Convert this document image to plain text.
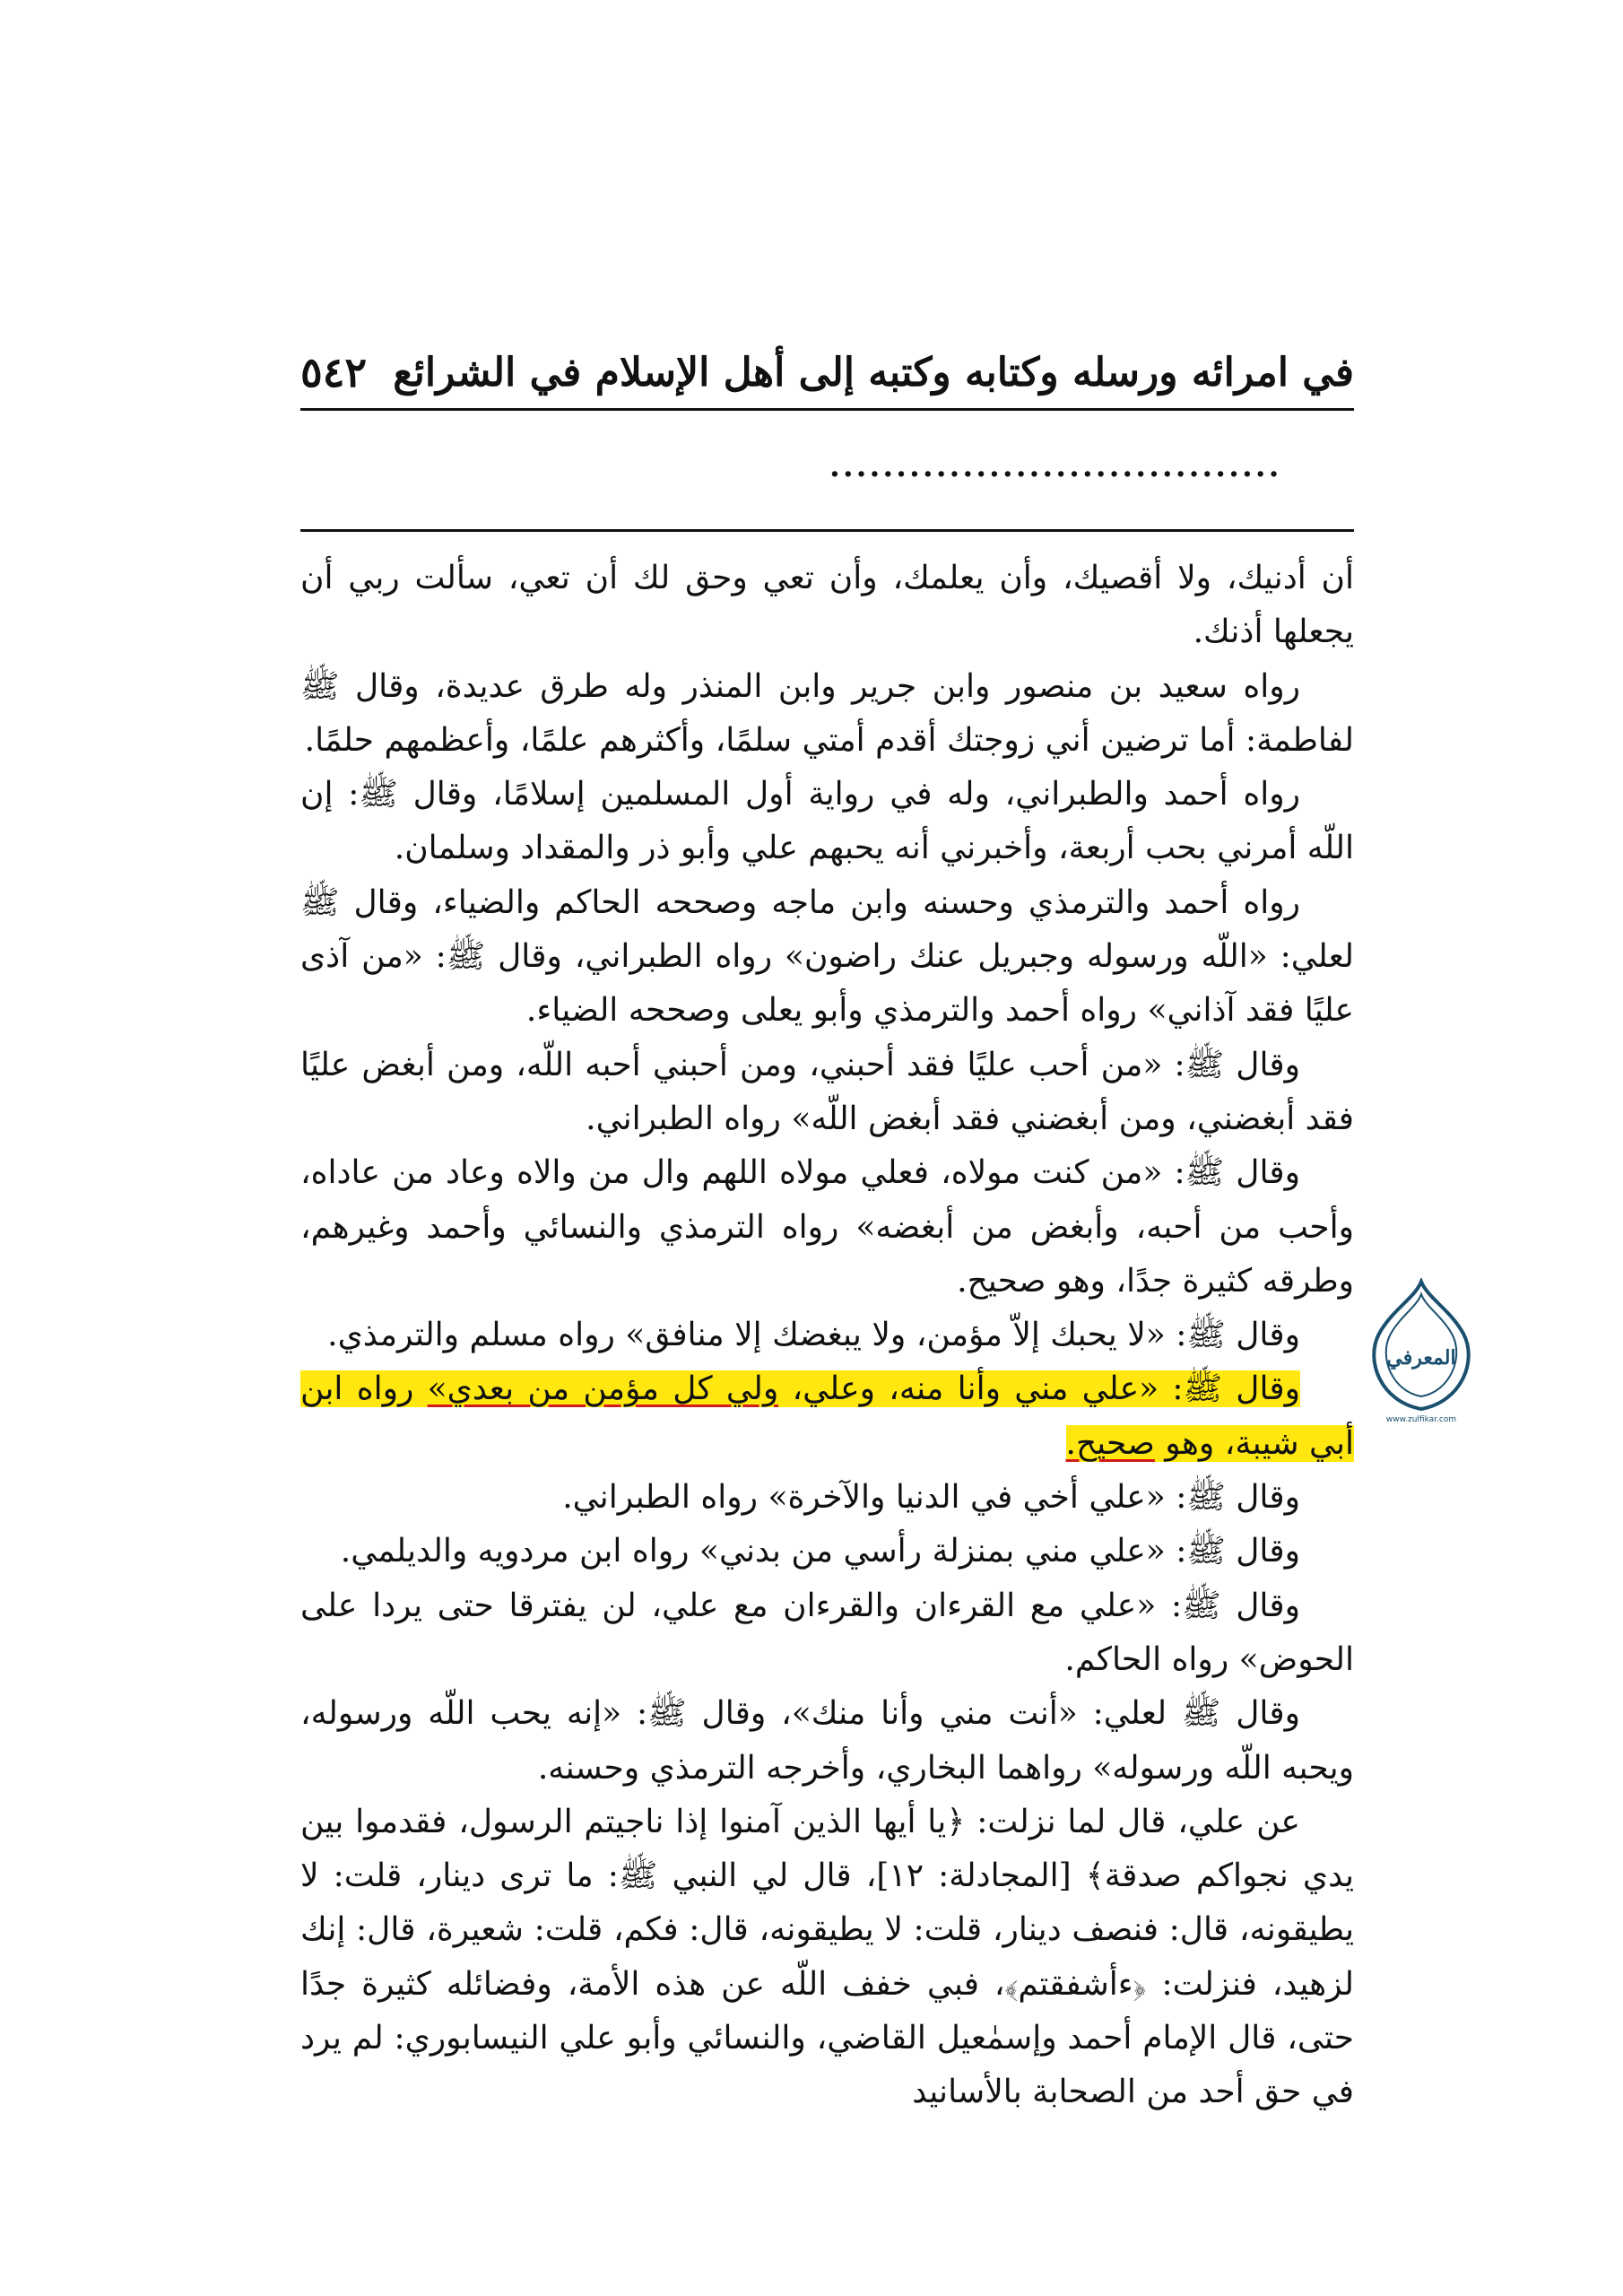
٥٤٢ في امرائه ورسله وكتابه وكتبه إلى أهل الإسلام في الشرائع
..................................

أن أدنيك، ولا أقصيك، وأن يعلمك، وأن تعي وحق لك أن تعي، سألت ربي أن يجعلها أذنك.

رواه سعيد بن منصور وابن جرير وابن المنذر وله طرق عديدة، وقال ﷺ لفاطمة: أما ترضين أني زوجتك أقدم أمتي سلمًا، وأكثرهم علمًا، وأعظمهم حلمًا.

رواه أحمد والطبراني، وله في رواية أول المسلمين إسلامًا، وقال ﷺ: إن اللّه أمرني بحب أربعة، وأخبرني أنه يحبهم علي وأبو ذر والمقداد وسلمان.

رواه أحمد والترمذي وحسنه وابن ماجه وصححه الحاكم والضياء، وقال ﷺ لعلي: «اللّه ورسوله وجبريل عنك راضون» رواه الطبراني، وقال ﷺ: «من آذى عليًا فقد آذاني» رواه أحمد والترمذي وأبو يعلى وصححه الضياء.

وقال ﷺ: «من أحب عليًا فقد أحبني، ومن أحبني أحبه اللّه، ومن أبغض عليًا فقد أبغضني، ومن أبغضني فقد أبغض اللّه» رواه الطبراني.

وقال ﷺ: «من كنت مولاه، فعلي مولاه اللهم وال من والاه وعاد من عاداه، وأحب من أحبه، وأبغض من أبغضه» رواه الترمذي والنسائي وأحمد وغيرهم، وطرقه كثيرة جدًا، وهو صحيح.

وقال ﷺ: «لا يحبك إلاّ مؤمن، ولا يبغضك إلا منافق» رواه مسلم والترمذي.

وقال ﷺ: «علي مني وأنا منه، وعلي، ولي كل مؤمن من بعدي» رواه ابن أبي شيبة، وهو صحيح.

وقال ﷺ: «علي أخي في الدنيا والآخرة» رواه الطبراني.

وقال ﷺ: «علي مني بمنزلة رأسي من بدني» رواه ابن مردويه والديلمي.

وقال ﷺ: «علي مع القرءان والقرءان مع علي، لن يفترقا حتى يردا على الحوض» رواه الحاكم.

وقال ﷺ لعلي: «أنت مني وأنا منك»، وقال ﷺ: «إنه يحب اللّه ورسوله، ويحبه اللّه ورسوله» رواهما البخاري، وأخرجه الترمذي وحسنه.

عن علي، قال لما نزلت: ﴿يا أيها الذين آمنوا إذا ناجيتم الرسول، فقدموا بين يدي نجواكم صدقة﴾ [المجادلة: ١٢]، قال لي النبي ﷺ: ما ترى دينار، قلت: لا يطيقونه، قال: فنصف دينار، قلت: لا يطيقونه، قال: فكم، قلت: شعيرة، قال: إنك لزهيد، فنزلت: ﴿ءأشفقتم﴾، فبي خفف اللّه عن هذه الأمة، وفضائله كثيرة جدًا حتى، قال الإمام أحمد وإسمٰعيل القاضي، والنسائي وأبو علي النيسابوري: لم يرد في حق أحد من الصحابة بالأسانيد

المعرفي
www.zulfikar.com
